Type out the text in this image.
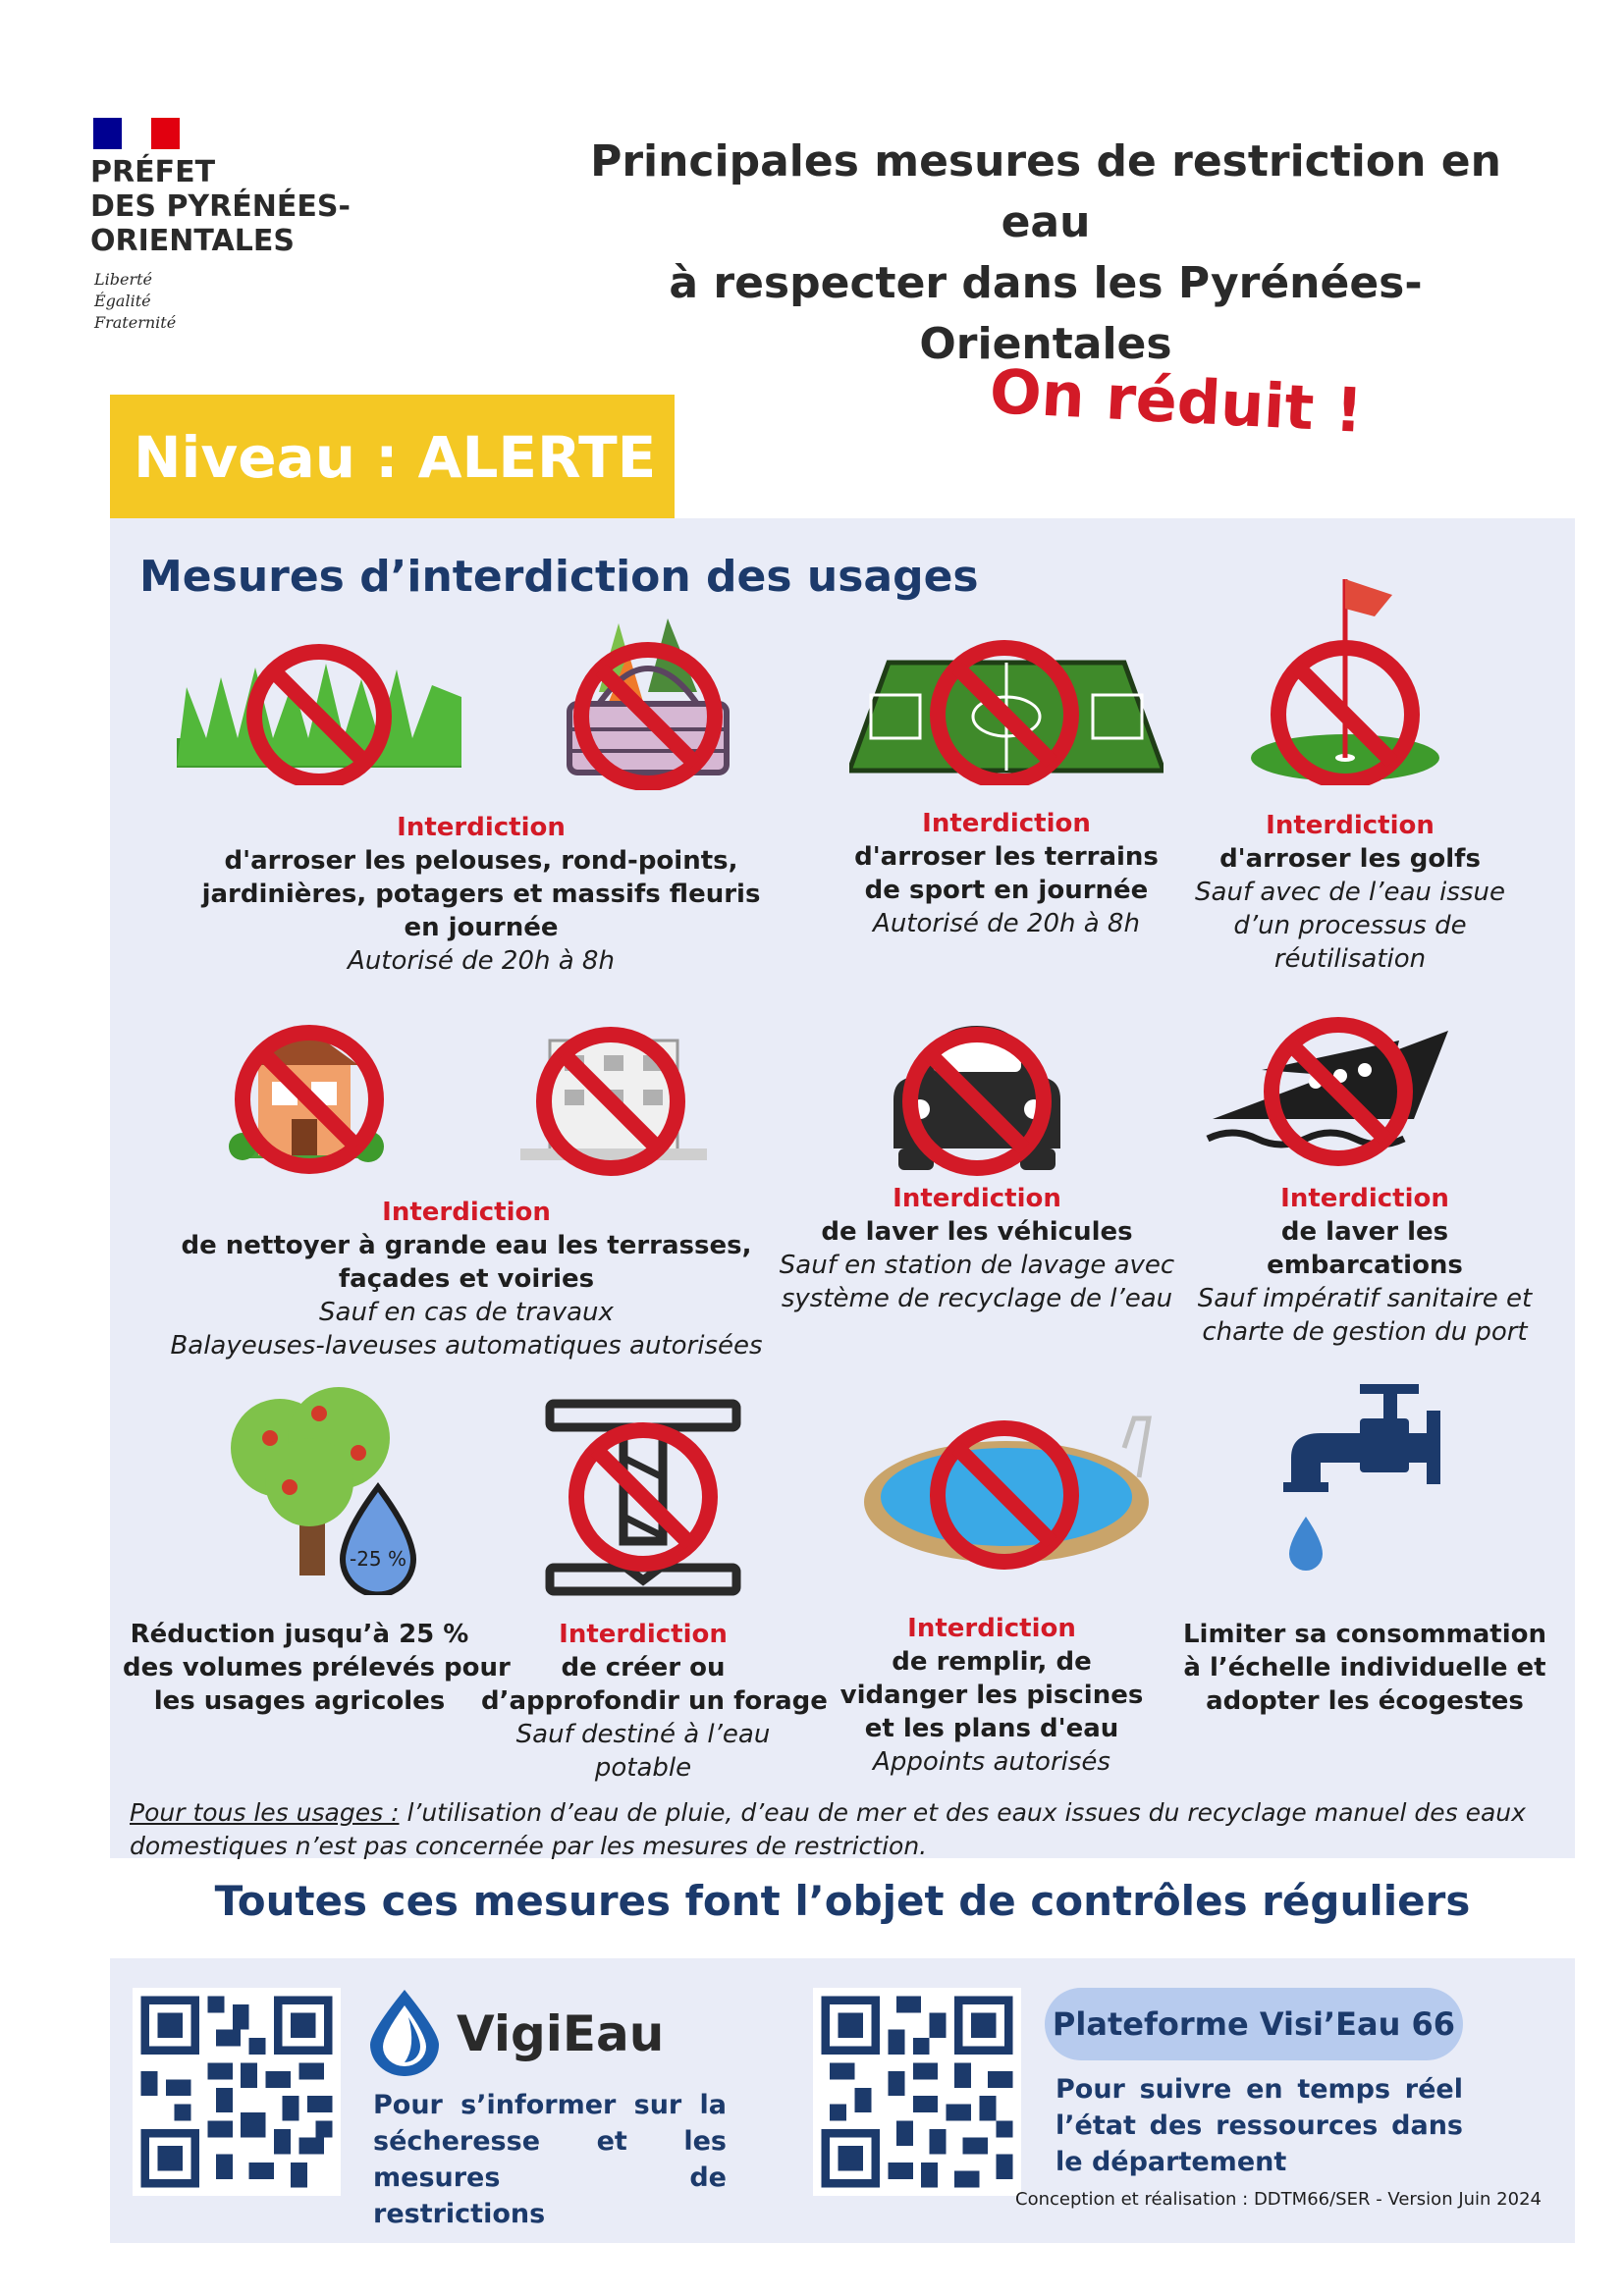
PRÉFET
DES PYRÉNÉES-
ORIENTALES
Liberté
Égalité
Fraternité
Principales mesures de restriction en eau
à respecter dans les Pyrénées-Orientales
On réduit !
Niveau : ALERTE
Mesures d’interdiction des usages
Interdiction
d'arroser les pelouses, rond-points,
jardinières, potagers et massifs fleuris
en journée
Autorisé de 20h à 8h
Interdiction
d'arroser les terrains
de sport en journée
Autorisé de 20h à 8h
Interdiction
d'arroser les golfs
Sauf avec de l’eau issue
d’un processus de
réutilisation
Interdiction
de nettoyer à grande eau les terrasses,
façades et voiries
Sauf en cas de travaux
Balayeuses-laveuses automatiques autorisées
Interdiction
de laver les véhicules
Sauf en station de lavage avec
système de recyclage de l’eau
Interdiction
de laver les
embarcations
Sauf impératif sanitaire et
charte de gestion du port
-25 %
Réduction jusqu’à 25 %
des volumes prélevés pour
les usages agricoles
Interdiction
de créer ou
d’approfondir un forage
Sauf destiné à l’eau
potable
Interdiction
de remplir, de
vidanger les piscines
et les plans d'eau
Appoints autorisés
Limiter sa consommation
à l’échelle individuelle et
adopter les écogestes
Pour tous les usages : l’utilisation d’eau de pluie, d’eau de mer et des eaux issues du recyclage manuel des eaux domestiques n’est pas concernée par les mesures de restriction.
Toutes ces mesures font l’objet de contrôles réguliers
VigiEau
Pour s’informer sur la sécheresse et les mesures de restrictions
Plateforme Visi’Eau 66
Pour suivre en temps réel l’état des ressources dans le département
Conception et réalisation : DDTM66/SER - Version Juin 2024
